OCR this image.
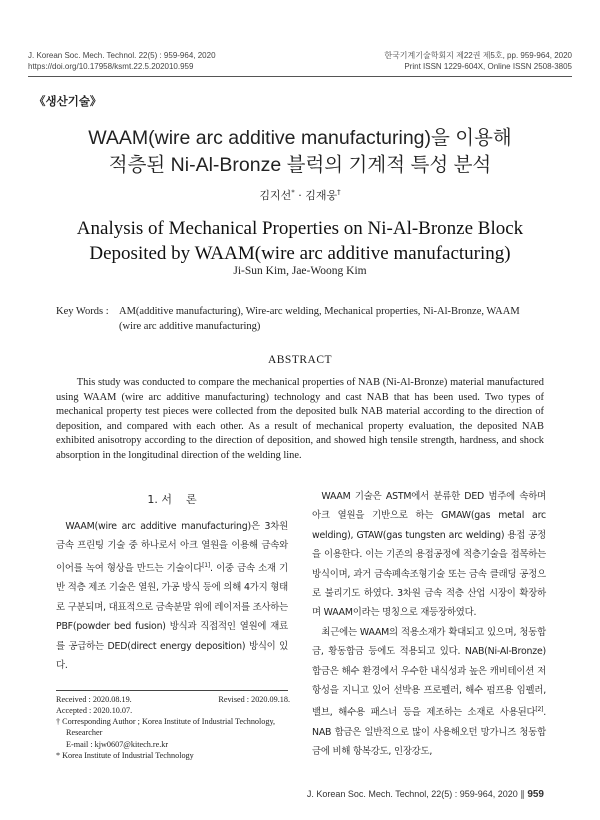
J. Korean Soc. Mech. Technol. 22(5) : 959-964, 2020
https://doi.org/10.17958/ksmt.22.5.202010.959
한국기계기술학회지 제22권 제5호, pp. 959-964, 2020
Print ISSN 1229-604X, Online ISSN 2508-3805
《생산기술》
WAAM(wire arc additive manufacturing)을 이용해
적층된 Ni-Al-Bronze 블럭의 기계적 특성 분석
김지선* · 김재웅†
Analysis of Mechanical Properties on Ni-Al-Bronze Block
Deposited by WAAM(wire arc additive manufacturing)
Ji-Sun Kim, Jae-Woong Kim
Key Words : AM(additive manufacturing), Wire-arc welding, Mechanical properties, Ni-Al-Bronze, WAAM
(wire arc additive manufacturing)
ABSTRACT
This study was conducted to compare the mechanical properties of NAB (Ni-Al-Bronze) material manufactured using WAAM (wire arc additive manufacturing) technology and cast NAB that has been used. Two types of mechanical property test pieces were collected from the deposited bulk NAB material according to the direction of deposition, and compared with each other. As a result of mechanical property evaluation, the deposited NAB exhibited anisotropy according to the direction of deposition, and showed high tensile strength, hardness, and shock absorption in the longitudinal direction of the welding line.
1. 서    론

WAAM(wire arc additive manufacturing)은 3차원 금속 프린팅 기술 중 하나로서 아크 열원을 이용해 금속와이어를 녹여 형상을 만드는 기술이다[1]. 이중 금속 소재 기반 적층 제조 기술은 열원, 가공 방식 등에 의해 4가지 형태로 구분되며, 대표적으로 금속분말 위에 레이저를 조사하는 PBF(powder bed fusion) 방식과 직접적인 열원에 재료를 공급하는 DED(direct energy deposition) 방식이 있다.

WAAM 기술은 ASTM에서 분류한 DED 범주에 속하며 아크 열원을 기반으로 하는 GMAW(gas metal arc welding), GTAW(gas tungsten arc welding) 용접 공정을 이용한다. 이는 기존의 용접공정에 적층기술을 접목하는 방식이며, 과거 금속폐속조형기술 또는 금속 클래딩 공정으로 불리기도 하였다. 3차원 금속 적층 산업 시장이 확장하며 WAAM이라는 명칭으로 재등장하였다.

최근에는 WAAM의 적용소재가 확대되고 있으며, 청동합금, 황동합금 등에도 적용되고 있다. NAB(Ni-Al-Bronze) 합금은 해수 환경에서 우수한 내식성과 높은 캐비테이션 저항성을 지니고 있어 선박용 프로펠러, 해수 펌프용 임펠러, 밸브, 해수용 패스너 등을 제조하는 소재로 사용된다[2]. NAB 합금은 일반적으로 많이 사용해오던 망가니즈 청동합금에 비해 항복강도, 인장강도,

Received : 2020.08.19.	Revised : 2020.09.18.
Accepted : 2020.10.07.
† Corresponding Author ; Korea Institute of Industrial Technology,
Researcher
E-mail : kjw0607@kitech.re.kr
* Korea Institute of Industrial Technology
J. Korean Soc. Mech. Technol, 22(5) : 959-964, 2020 ∥ 959
